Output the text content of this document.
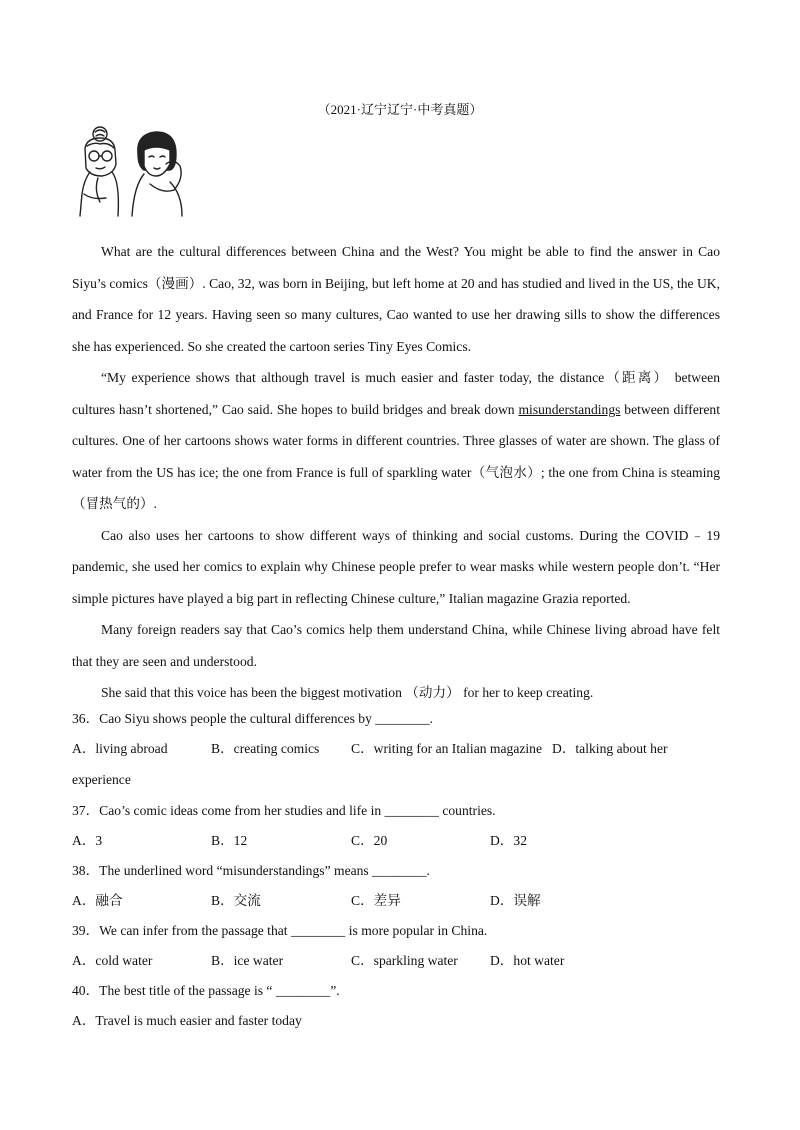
（2021·辽宁辽宁·中考真题）

What are the cultural differences between China and the West? You might be able to find the answer in Cao Siyu’s comics（漫画）. Cao, 32, was born in Beijing, but left home at 20 and has studied and lived in the US, the UK, and France for 12 years. Having seen so many cultures, Cao wanted to use her drawing sills to show the differences she has experienced. So she created the cartoon series Tiny Eyes Comics.

“My experience shows that although travel is much easier and faster today, the distance（距离） between cultures hasn’t shortened,” Cao said. She hopes to build bridges and break down misunderstandings between different cultures. One of her cartoons shows water forms in different countries. Three glasses of water are shown. The glass of water from the US has ice; the one from France is full of sparkling water（气泡水）; the one from China is steaming（冒热气的）.

Cao also uses her cartoons to show different ways of thinking and social customs. During the COVID﹣19 pandemic, she used her comics to explain why Chinese people prefer to wear masks while western people don’t. “Her simple pictures have played a big part in reflecting Chinese culture,” Italian magazine Grazia reported.

Many foreign readers say that Cao’s comics help them understand China, while Chinese living abroad have felt that they are seen and understood.

She said that this voice has been the biggest motivation （动力） for her to keep creating.

36．Cao Siyu shows people the cultural differences by ________.
A．living abroad	B．creating comics C．writing for an Italian magazine D．talking about her
experience
37．Cao’s comic ideas come from her studies and life in ________ countries.
A．3	B．12	C．20	D．32
38．The underlined word “misunderstandings” means ________.
A．融合	B．交流	C．差异	D．误解
39．We can infer from the passage that ________ is more popular in China.
A．cold water	B．ice water	C．sparkling water D．hot water
40．The best title of the passage is “ ________”.
A．Travel is much easier and faster today
